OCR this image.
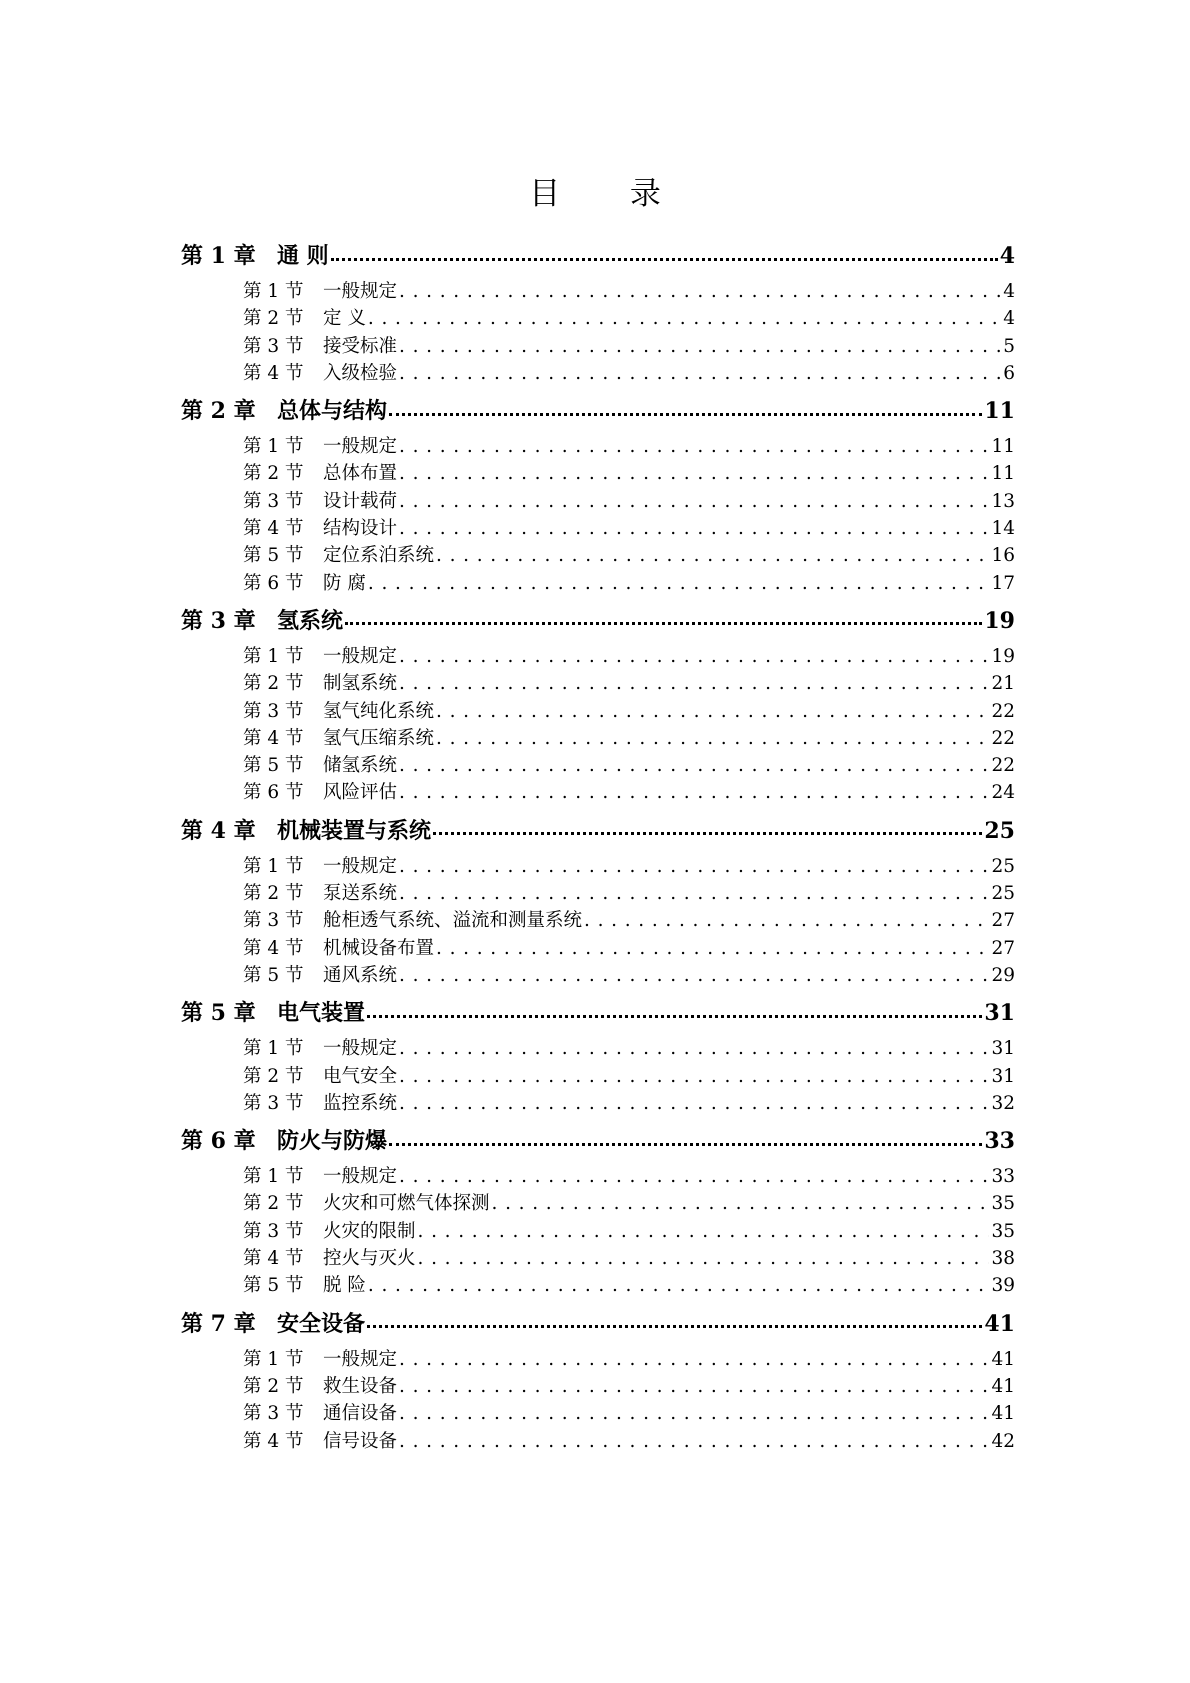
目 录
第 1 章 通 则	4
第 1 节	一般规定 . . .	4
第 2 节	定 义 . . .	4
第 3 节	接受标准 . . .	5
第 4 节	入级检验 . . .	6
第 2 章 总体与结构	11
第 1 节	一般规定 . . .	11
第 2 节	总体布置 . . .	11
第 3 节	设计载荷 . . .	13
第 4 节	结构设计 . . .	14
第 5 节	定位系泊系统 . . .	16
第 6 节	防 腐 . . .	17
第 3 章 氢系统	19
第 1 节	一般规定 . . .	19
第 2 节	制氢系统 . . .	21
第 3 节	氢气纯化系统 . . .	22
第 4 节	氢气压缩系统 . . .	22
第 5 节	储氢系统 . . .	22
第 6 节	风险评估 . . .	24
第 4 章 机械装置与系统	25
第 1 节	一般规定 . . .	25
第 2 节	泵送系统 . . .	25
第 3 节	舱柜透气系统、溢流和测量系统 . . .	27
第 4 节	机械设备布置 . . .	27
第 5 节	通风系统 . . .	29
第 5 章 电气装置	31
第 1 节	一般规定 . . .	31
第 2 节	电气安全 . . .	31
第 3 节	监控系统 . . .	32
第 6 章 防火与防爆	33
第 1 节	一般规定 . . .	33
第 2 节	火灾和可燃气体探测 . . .	35
第 3 节	火灾的限制 . . .	35
第 4 节	控火与灭火 . . .	38
第 5 节	脱 险 . . .	39
第 7 章 安全设备	41
第 1 节	一般规定 . . .	41
第 2 节	救生设备 . . .	41
第 3 节	通信设备 . . .	41
第 4 节	信号设备 . . .	42
